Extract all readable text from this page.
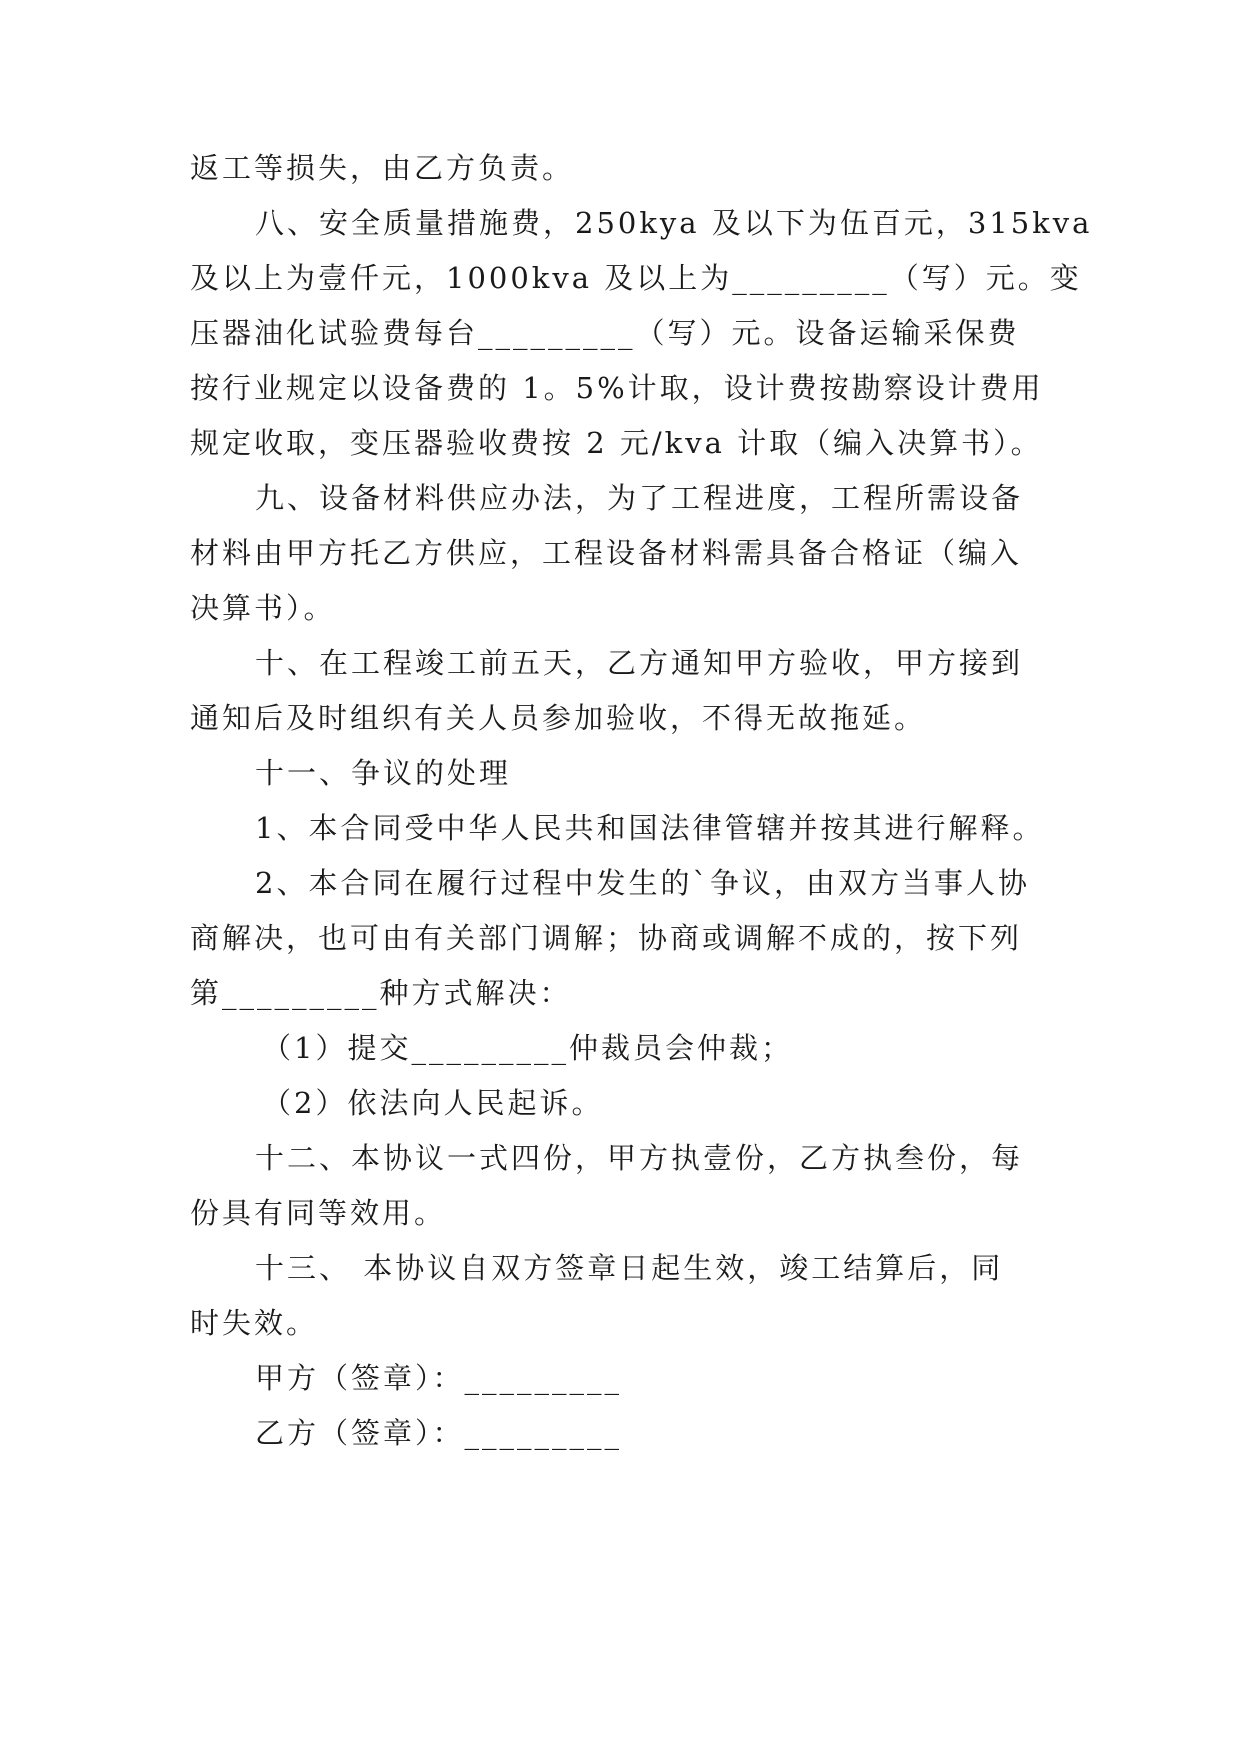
返工等损失，由乙方负责。
八、安全质量措施费，250kya 及以下为伍百元，315kva
及以上为壹仟元，1000kva 及以上为_________（写）元。变
压器油化试验费每台_________（写）元。设备运输采保费
按行业规定以设备费的 1。5%计取，设计费按勘察设计费用
规定收取，变压器验收费按 2 元/kva 计取（编入决算书）。
九、设备材料供应办法，为了工程进度，工程所需设备
材料由甲方托乙方供应，工程设备材料需具备合格证（编入
决算书）。
十、在工程竣工前五天，乙方通知甲方验收，甲方接到
通知后及时组织有关人员参加验收，不得无故拖延。
十一、争议的处理
1、本合同受中华人民共和国法律管辖并按其进行解释。
2、本合同在履行过程中发生的`争议，由双方当事人协
商解决，也可由有关部门调解；协商或调解不成的，按下列
第_________种方式解决：
（1）提交_________仲裁员会仲裁；
（2）依法向人民起诉。
十二、本协议一式四份，甲方执壹份，乙方执叁份，每
份具有同等效用。
十三、 本协议自双方签章日起生效，竣工结算后，同
时失效。
甲方（签章）：_________
乙方（签章）：_________
